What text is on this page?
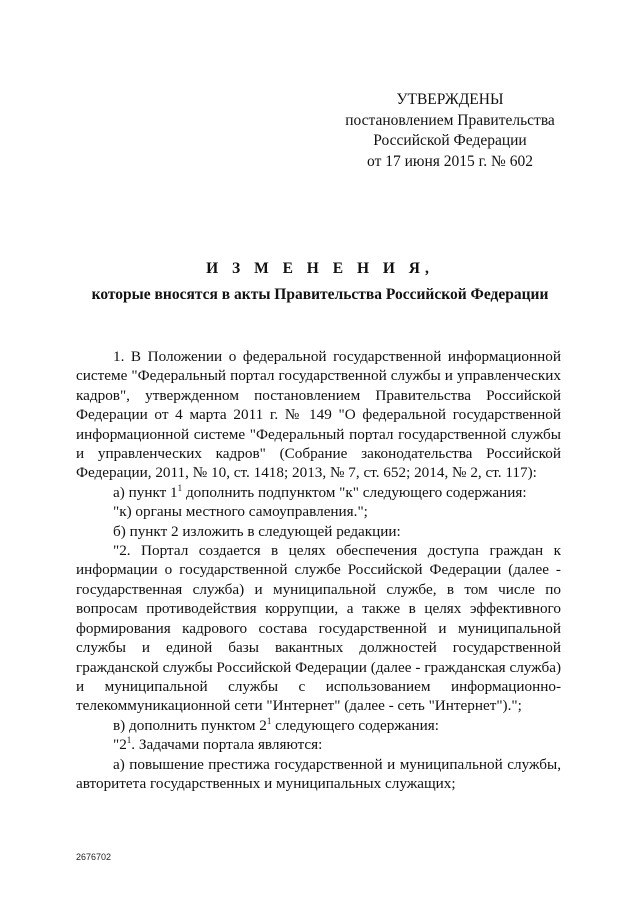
УТВЕРЖДЕНЫ
постановлением Правительства
Российской Федерации
от 17 июня 2015 г. № 602
И З М Е Н Е Н И Я,
которые вносятся в акты Правительства Российской Федерации

1. В Положении о федеральной государственной информационной системе "Федеральный портал государственной службы и управленческих кадров", утвержденном постановлением Правительства Российской Федерации от 4 марта 2011 г. № 149 "О федеральной государственной информационной системе "Федеральный портал государственной службы и управленческих кадров" (Собрание законодательства Российской Федерации, 2011, № 10, ст. 1418; 2013, № 7, ст. 652; 2014, № 2, ст. 117):

а) пункт $1^1$ дополнить подпунктом "к" следующего содержания:

"к) органы местного самоуправления.";

б) пункт 2 изложить в следующей редакции:

"2. Портал создается в целях обеспечения доступа граждан к информации о государственной службе Российской Федерации (далее - государственная служба) и муниципальной службе, в том числе по вопросам противодействия коррупции, а также в целях эффективного формирования кадрового состава государственной и муниципальной службы и единой базы вакантных должностей государственной гражданской службы Российской Федерации (далее - гражданская служба) и муниципальной службы с использованием информационно-телекоммуникационной сети "Интернет" (далее - сеть "Интернет").";

в) дополнить пунктом $2^1$ следующего содержания:

"$2^1$. Задачами портала являются:

а) повышение престижа государственной и муниципальной службы, авторитета государственных и муниципальных служащих;

2676702
